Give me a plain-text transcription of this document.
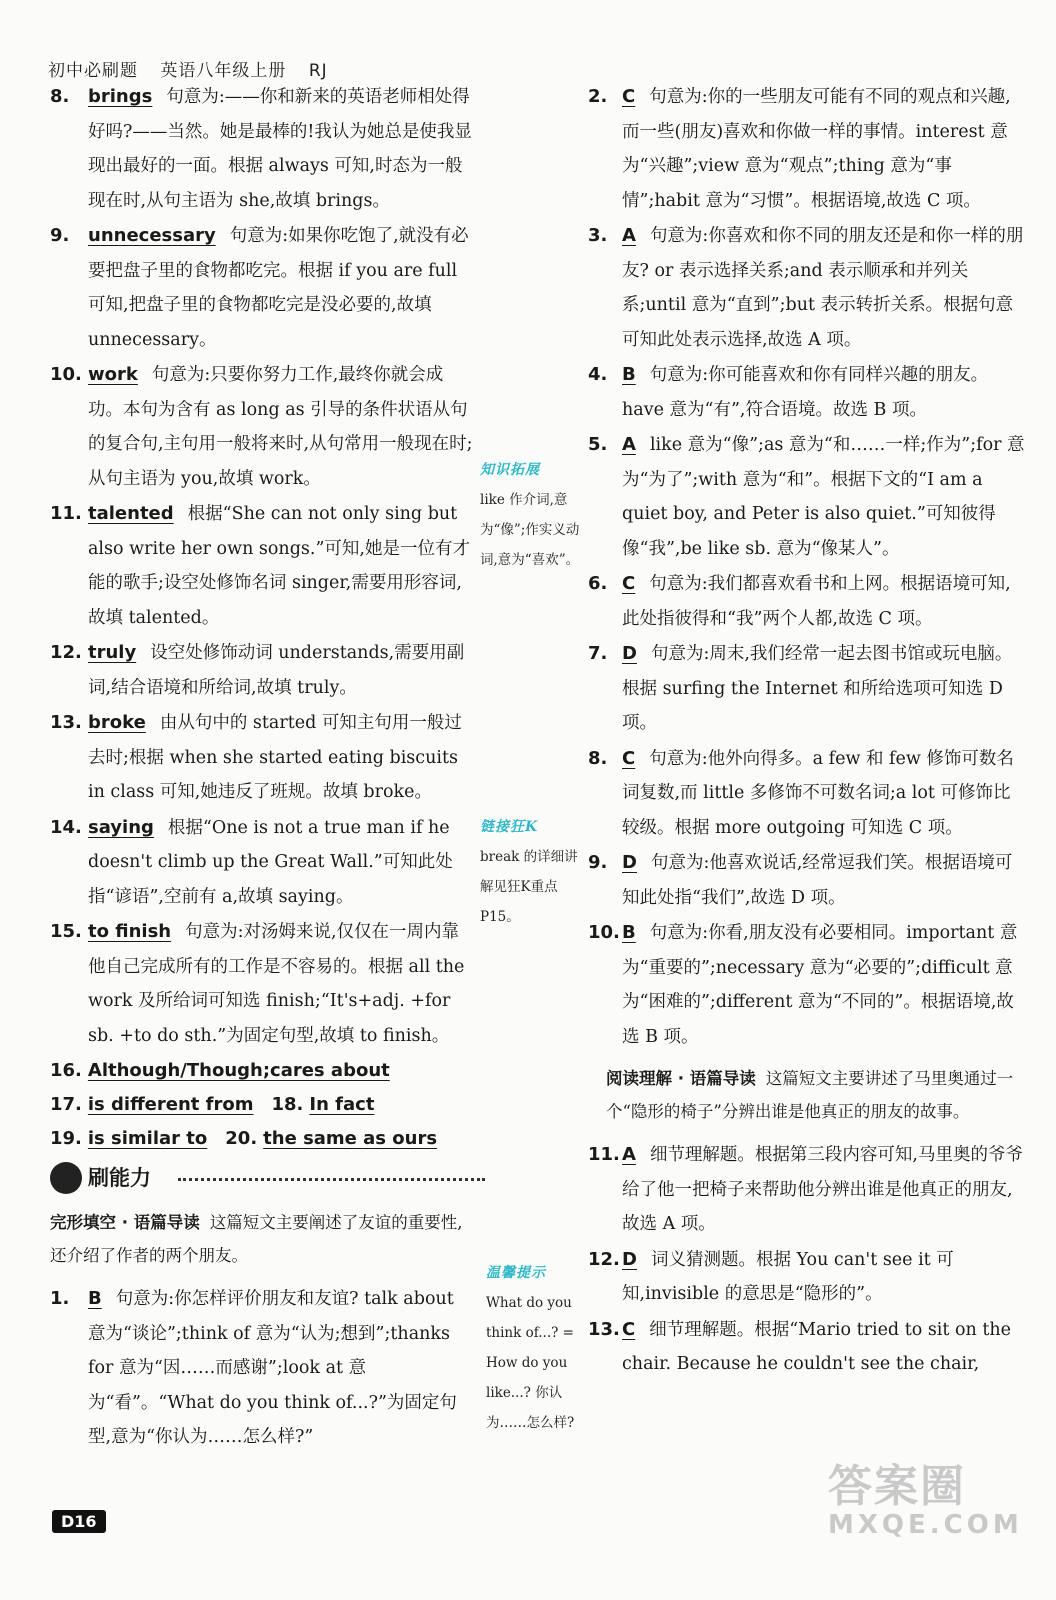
初中必刷题 英语八年级上册 RJ
8. brings 句意为:——你和新来的英语老师相处得好吗?——当然。她是最棒的!我认为她总是使我显现出最好的一面。根据 always 可知,时态为一般现在时,从句主语为 she,故填 brings。
9. unnecessary 句意为:如果你吃饱了,就没有必要把盘子里的食物都吃完。根据 if you are full 可知,把盘子里的食物都吃完是没必要的,故填 unnecessary。
10. work 句意为:只要你努力工作,最终你就会成功。本句为含有 as long as 引导的条件状语从句的复合句,主句用一般将来时,从句常用一般现在时;从句主语为 you,故填 work。
11. talented 根据“She can not only sing but also write her own songs.”可知,她是一位有才能的歌手;设空处修饰名词 singer,需要用形容词,故填 talented。
12. truly 设空处修饰动词 understands,需要用副词,结合语境和所给词,故填 truly。
13. broke 由从句中的 started 可知主句用一般过去时;根据 when she started eating biscuits in class 可知,她违反了班规。故填 broke。
14. saying 根据“One is not a true man if he doesn't climb up the Great Wall.”可知此处指“谚语”,空前有 a,故填 saying。
15. to finish 句意为:对汤姆来说,仅仅在一周内靠他自己完成所有的工作是不容易的。根据 all the work 及所给词可知选 finish;“It's+adj. +for sb. +to do sth.”为固定句型,故填 to finish。
16. Although/Though;cares about
17. is different from 18. In fact
19. is similar to 20. the same as ours
刷能力
完形填空 · 语篇导读 这篇短文主要阐述了友谊的重要性,还介绍了作者的两个朋友。
1. B 句意为:你怎样评价朋友和友谊? talk about 意为“谈论”;think of 意为“认为;想到”;thanks for 意为“因……而感谢”;look at 意为“看”。“What do you think of...?”为固定句型,意为“你认为……怎么样?”
2. C 句意为:你的一些朋友可能有不同的观点和兴趣,而一些(朋友)喜欢和你做一样的事情。interest 意为“兴趣”;view 意为“观点”;thing 意为“事情”;habit 意为“习惯”。根据语境,故选 C 项。
3. A 句意为:你喜欢和你不同的朋友还是和你一样的朋友? or 表示选择关系;and 表示顺承和并列关系;until 意为“直到”;but 表示转折关系。根据句意可知此处表示选择,故选 A 项。
4. B 句意为:你可能喜欢和你有同样兴趣的朋友。have 意为“有”,符合语境。故选 B 项。
5. A like 意为“像”;as 意为“和……一样;作为”;for 意为“为了”;with 意为“和”。根据下文的“I am a quiet boy, and Peter is also quiet.”可知彼得像“我”,be like sb. 意为“像某人”。
6. C 句意为:我们都喜欢看书和上网。根据语境可知,此处指彼得和“我”两个人都,故选 C 项。
7. D 句意为:周末,我们经常一起去图书馆或玩电脑。根据 surfing the Internet 和所给选项可知选 D 项。
8. C 句意为:他外向得多。a few 和 few 修饰可数名词复数,而 little 多修饰不可数名词;a lot 可修饰比较级。根据 more outgoing 可知选 C 项。
9. D 句意为:他喜欢说话,经常逗我们笑。根据语境可知此处指“我们”,故选 D 项。
10. B 句意为:你看,朋友没有必要相同。important 意为“重要的”;necessary 意为“必要的”;difficult 意为“困难的”;different 意为“不同的”。根据语境,故选 B 项。
阅读理解 · 语篇导读 这篇短文主要讲述了马里奥通过一个“隐形的椅子”分辨出谁是他真正的朋友的故事。
11. A 细节理解题。根据第三段内容可知,马里奥的爷爷给了他一把椅子来帮助他分辨出谁是他真正的朋友,故选 A 项。
12. D 词义猜测题。根据 You can't see it 可知,invisible 的意思是“隐形的”。
13. C 细节理解题。根据“Mario tried to sit on the chair. Because he couldn't see the chair,
知识拓展
like 作介词,意为“像”;作实义动词,意为“喜欢”。
链接狂K
break 的详细讲解见狂K重点P15。
温馨提示
What do you think of...? = How do you like...? 你认为……怎么样?
D16
答案圈
MXQE.COM
